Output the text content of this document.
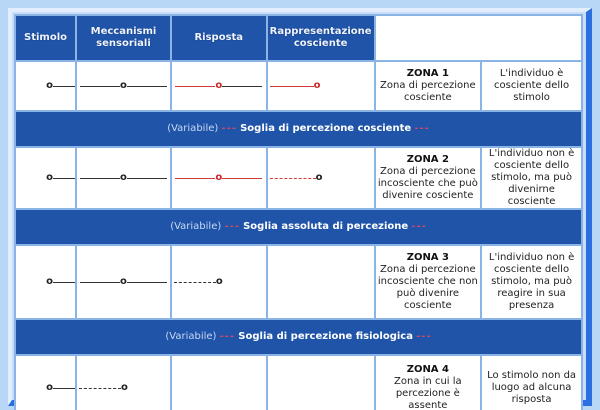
Stimolo	Meccanismi sensoriali	Risposta	Rappresentazione cosciente		
o	o	o	o	ZONA 1
Zona di percezione cosciente	L'individuo è cosciente dello stimolo
(Variabile) --- Soglia di percezione cosciente ---					
o	o	o	o	ZONA 2
Zona di percezione incosciente che può divenire cosciente	L'individuo non è cosciente dello stimolo, ma può divenirne cosciente
(Variabile) --- Soglia assoluta di percezione ---					
o	o	o		ZONA 3
Zona di percezione incosciente che non può divenire cosciente	L'individuo non è cosciente dello stimolo, ma può reagire in sua presenza
(Variabile) --- Soglia di percezione fisiologica ---					
o	o			ZONA 4
Zona in cui la percezione è assente	Lo stimolo non da luogo ad alcuna risposta
